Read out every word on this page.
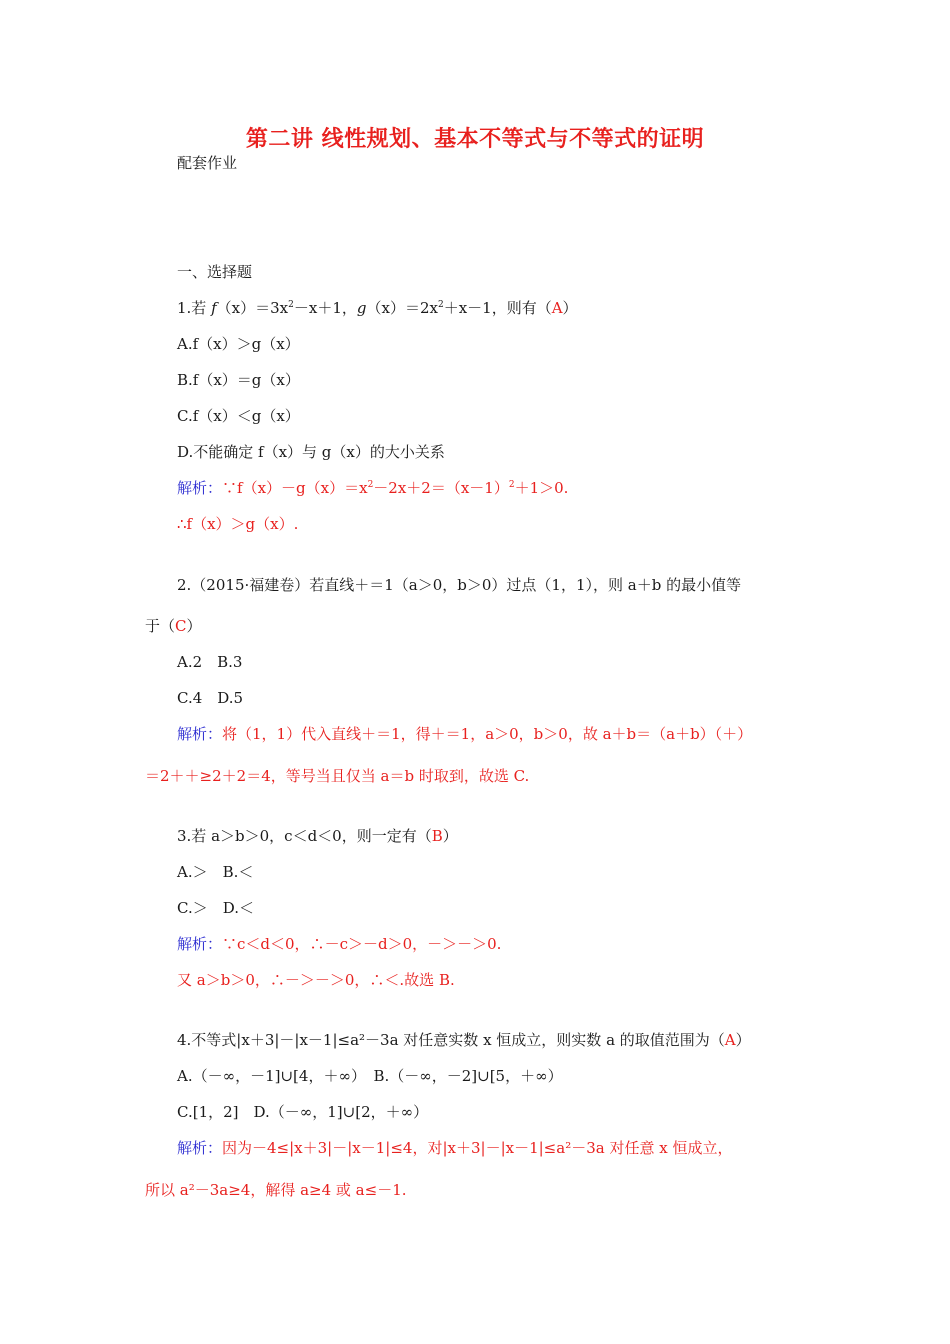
第二讲 线性规划、基本不等式与不等式的证明
配套作业
一、选择题
1.若 $f(x)=3x^2-x+1$，$g(x)=2x^2+x-1$，则有（A）
A.f（x）＞g（x）
B.f（x）＝g（x）
C.f（x）＜g（x）
D.不能确定 f（x）与 g（x）的大小关系
解析：$\because f(x)-g(x)=x^2-2x+2=(x-1)^2+1>0$.
∴f（x）＞g（x）.
2.（2015·福建卷）若直线＋＝1（a＞0，b＞0）过点（1，1），则 a＋b 的最小值等
于（C）
A.2　B.3
C.4　D.5
解析：将（1，1）代入直线＋＝1，得＋＝1，a＞0，b＞0，故 a＋b＝（a＋b）（＋）
＝2＋＋≥2＋2＝4，等号当且仅当 a＝b 时取到，故选 C.
3.若 a＞b＞0，c＜d＜0，则一定有（B）
A.＞　B.＜
C.＞　D.＜
解析：∵c＜d＜0，∴－c＞－d＞0，－＞－＞0.
又 a＞b＞0，∴－＞－＞0，∴＜.故选 B.
4.不等式|x＋3|－|x－1|≤a²－3a 对任意实数 x 恒成立，则实数 a 的取值范围为（A）
A.（－∞，－1]∪[4，＋∞）　B.（－∞，－2]∪[5，＋∞）
C.[1，2]　D.（－∞，1]∪[2，＋∞）
解析：因为－4≤|x＋3|－|x－1|≤4，对|x＋3|－|x－1|≤a²－3a 对任意 x 恒成立，
所以 a²－3a≥4，解得 a≥4 或 a≤－1.
